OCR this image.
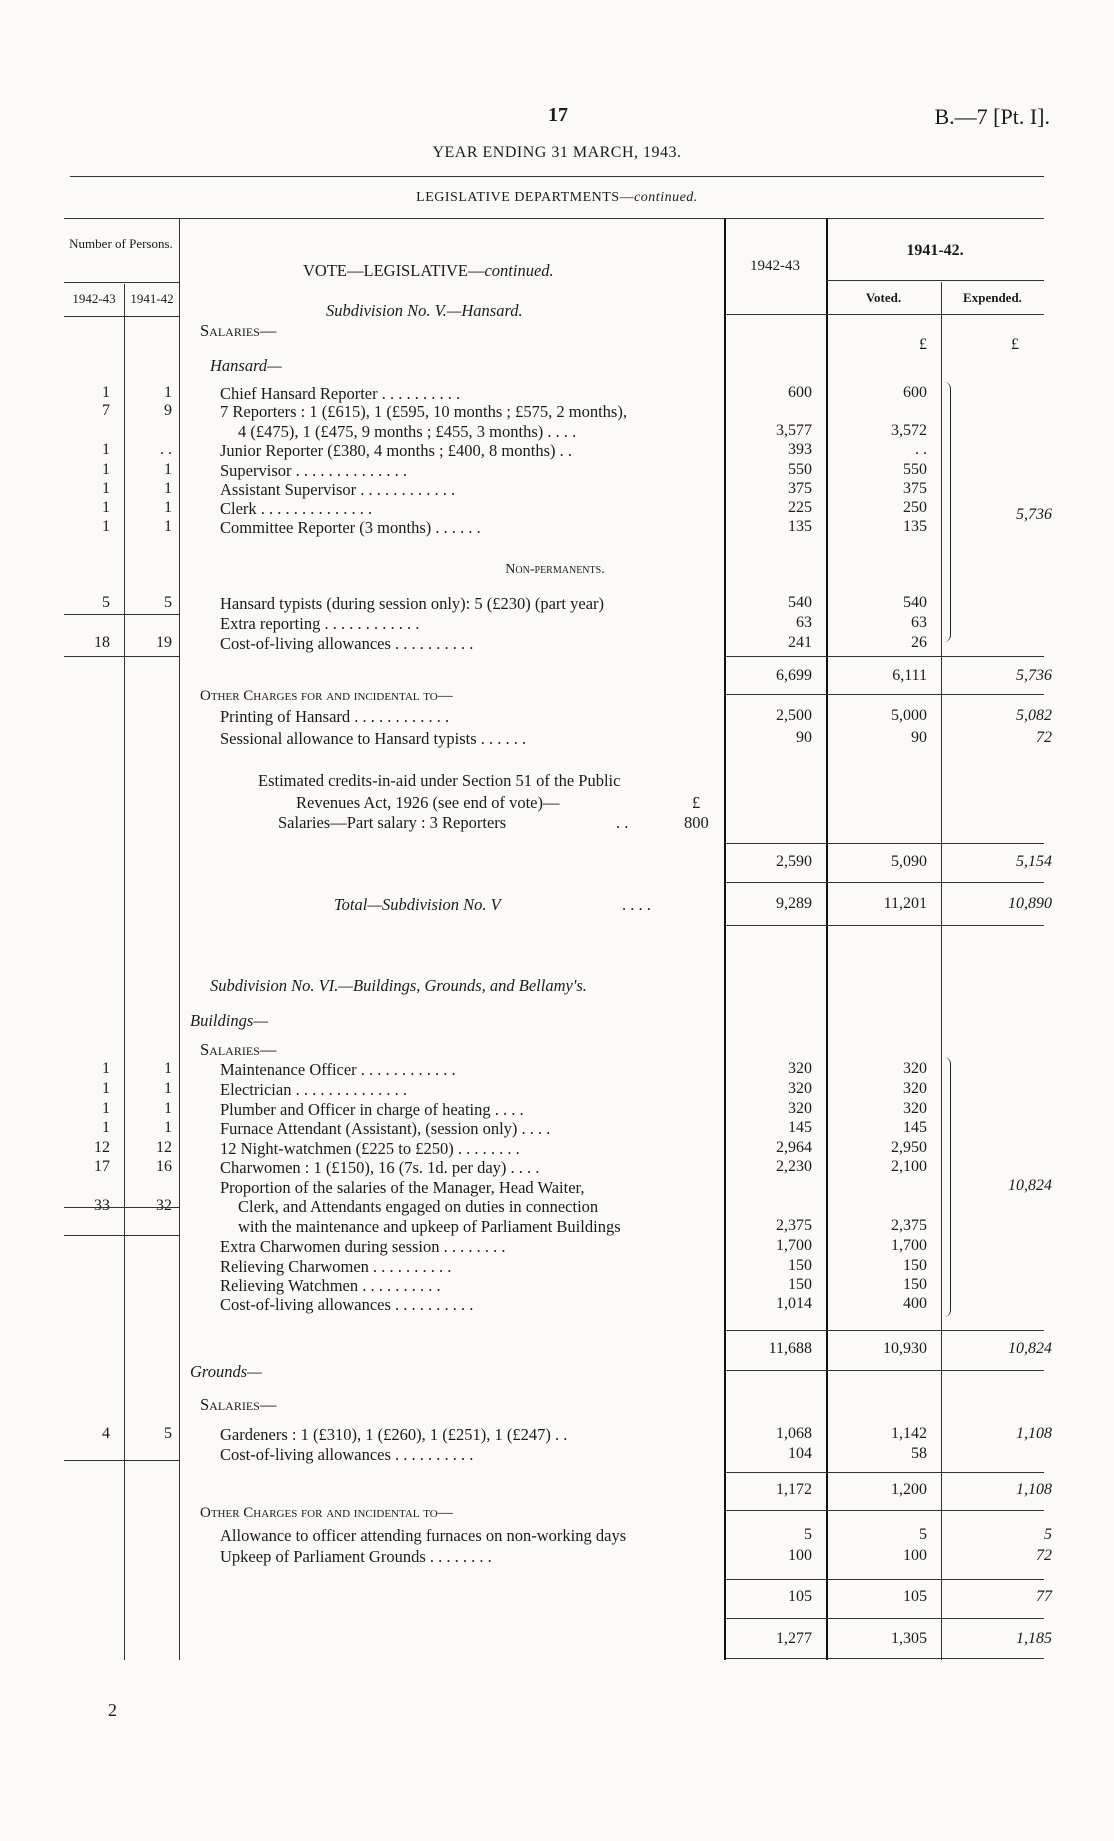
17	B.—7 [Pt. I].
YEAR ENDING 31 MARCH, 1943.
LEGISLATIVE DEPARTMENTS—continued.
Number of Persons.
1942-43	1941-42
VOTE—LEGISLATIVE—continued.	1942-43
1941-42.
Voted.	Expended.
Subdivision No. V.—Hansard.
Salaries—
Hansard—
£	£
1	1	Chief Hansard Reporter . . . . . . . . . .	600	600
7	9	7 Reporters : 1 (£615), 1 (£595, 10 months ; £575, 2 months),
4 (£475), 1 (£475, 9 months ; £455, 3 months) . . . .	3,577	3,572
1	. .	Junior Reporter (£380, 4 months ; £400, 8 months) . .	393	. .
1	1	Supervisor . . . . . . . . . . . . . .	550	550
1	1	Assistant Supervisor . . . . . . . . . . . .	375	375
1	1	Clerk . . . . . . . . . . . . . .	225	250
1	1	Committee Reporter (3 months) . . . . . .	135	135
5	5	Hansard typists (during session only): 5 (£230) (part year)	540	540
Extra reporting . . . . . . . . . . . .	63	63
18	19	Cost-of-living allowances . . . . . . . . . .	241	26
5,736
Non-permanents.
6,699	6,111	5,736
Other Charges for and incidental to—
Printing of Hansard . . . . . . . . . . . .	2,500	5,000	5,082
Sessional allowance to Hansard typists . . . . . .	90	90	72
Estimated credits-in-aid under Section 51 of the Public
Revenues Act, 1926 (see end of vote)—	£
Salaries—Part salary : 3 Reporters	. .	800
2,590	5,090	5,154
Total—Subdivision No. V	. . . .	9,289	11,201	10,890
Subdivision No. VI.—Buildings, Grounds, and Bellamy's.
Buildings—
Salaries—
1	1	Maintenance Officer . . . . . . . . . . . .	320	320
1	1	Electrician . . . . . . . . . . . . . .	320	320
1	1	Plumber and Officer in charge of heating . . . .	320	320
1	1	Furnace Attendant (Assistant), (session only) . . . .	145	145
12	12	12 Night-watchmen (£225 to £250) . . . . . . . .	2,964	2,950
17	16	Charwomen : 1 (£150), 16 (7s. 1d. per day) . . . .	2,230	2,100
Proportion of the salaries of the Manager, Head Waiter,
33	32	Clerk, and Attendants engaged on duties in connection
with the maintenance and upkeep of Parliament Buildings	2,375	2,375
Extra Charwomen during session . . . . . . . .	1,700	1,700
Relieving Charwomen . . . . . . . . . .	150	150
Relieving Watchmen . . . . . . . . . .	150	150
Cost-of-living allowances . . . . . . . . . .	1,014	400
10,824
11,688	10,930	10,824
Grounds—
Salaries—
4	5	Gardeners : 1 (£310), 1 (£260), 1 (£251), 1 (£247) . .	1,068	1,142	1,108
Cost-of-living allowances . . . . . . . . . .	104	58
1,172	1,200	1,108
Other Charges for and incidental to—
Allowance to officer attending furnaces on non-working days	5	5	5
Upkeep of Parliament Grounds . . . . . . . .	100	100	72
105	105	77
1,277	1,305	1,185
2
